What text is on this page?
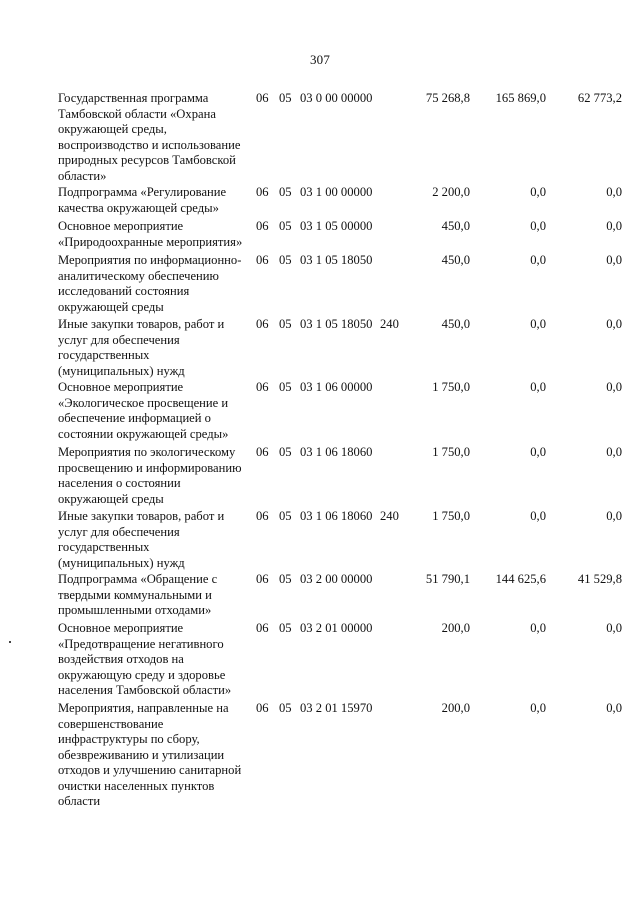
307
Государственная программа
Тамбовской области «Охрана
окружающей среды,
воспроизводство и использование
природных ресурсов Тамбовской
области»
06 05 03 0 00 00000	75 268,8	165 869,0	62 773,2
Подпрограмма «Регулирование
качества окружающей среды»
06 05 03 1 00 00000	2 200,0	0,0	0,0
Основное мероприятие
«Природоохранные мероприятия»
06 05 03 1 05 00000	450,0	0,0	0,0
Мероприятия по информационно-
аналитическому обеспечению
исследований состояния
окружающей среды
06 05 03 1 05 18050	450,0	0,0	0,0
Иные закупки товаров, работ и
услуг для обеспечения
государственных
(муниципальных) нужд
06 05 03 1 05 18050 240	450,0	0,0	0,0
Основное мероприятие
«Экологическое просвещение и
обеспечение информацией о
состоянии окружающей среды»
06 05 03 1 06 00000	1 750,0	0,0	0,0
Мероприятия по экологическому
просвещению и информированию
населения о состоянии
окружающей среды
06 05 03 1 06 18060	1 750,0	0,0	0,0
Иные закупки товаров, работ и
услуг для обеспечения
государственных
(муниципальных) нужд
06 05 03 1 06 18060 240	1 750,0	0,0	0,0
Подпрограмма «Обращение с
твердыми коммунальными и
промышленными отходами»
06 05 03 2 00 00000	51 790,1	144 625,6	41 529,8
Основное мероприятие
«Предотвращение негативного
воздействия отходов на
окружающую среду и здоровье
населения Тамбовской области»
06 05 03 2 01 00000	200,0	0,0	0,0
Мероприятия, направленные на
совершенствование
инфраструктуры по сбору,
обезвреживанию и утилизации
отходов и улучшению санитарной
очистки населенных пунктов
области
06 05 03 2 01 15970	200,0	0,0	0,0
